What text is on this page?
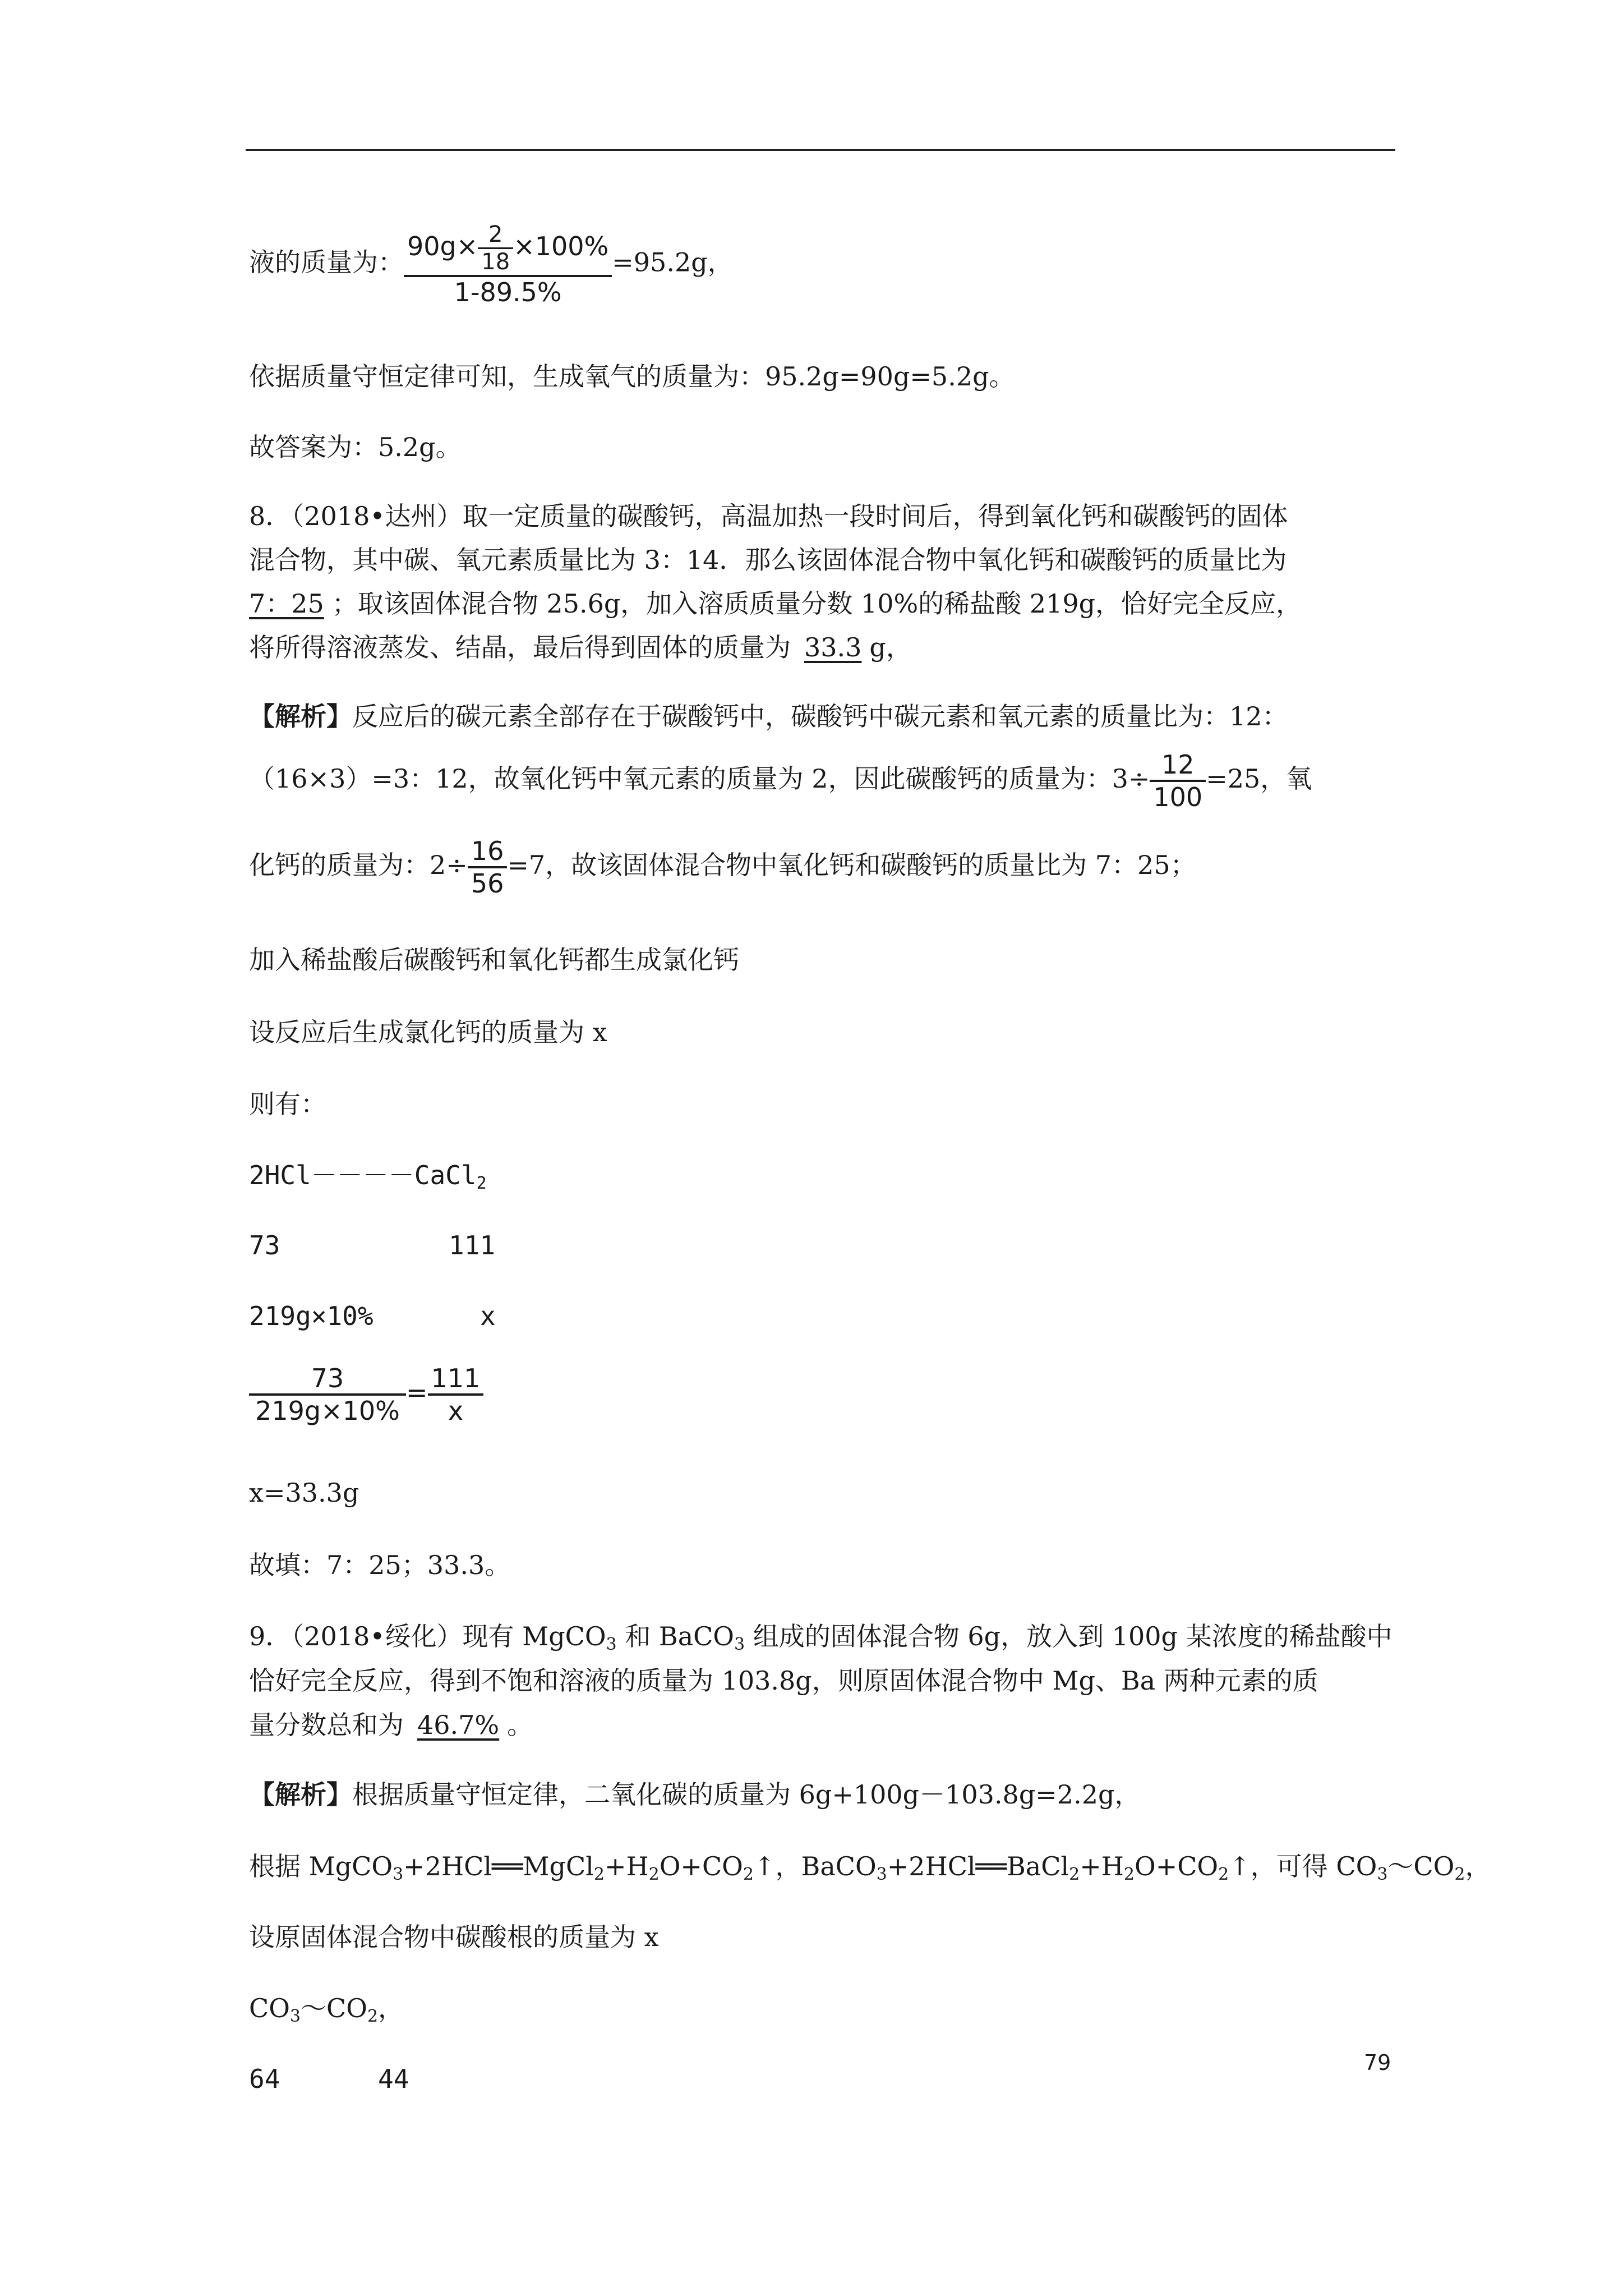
液的质量为： $\frac{90g\times \frac{2}{18} \times 100\%}{1-89.5\%} =95.2g$，
依据质量守恒定律可知，生成氧气的质量为：95.2g=90g=5.2g。
故答案为：5.2g。
8．（2018•达州）取一定质量的碳酸钙，高温加热一段时间后，得到氧化钙和碳酸钙的固体
混合物，其中碳、氧元素质量比为 3：14．那么该固体混合物中氧化钙和碳酸钙的质量比为
7：25 ；取该固体混合物 25.6g，加入溶质质量分数 10%的稀盐酸 219g，恰好完全反应，
将所得溶液蒸发、结晶，最后得到固体的质量为 33.3 g，
【解析】反应后的碳元素全部存在于碳酸钙中，碳酸钙中碳元素和氧元素的质量比为：12：
（16×3）=3：12，故氧化钙中氧元素的质量为 2，因此碳酸钙的质量为：$3\div \frac{12}{100} =25$，氧
化钙的质量为：$2\div \frac{16}{56} =7$，故该固体混合物中氧化钙和碳酸钙的质量比为 7：25；
加入稀盐酸后碳酸钙和氧化钙都生成氯化钙
设反应后生成氯化钙的质量为 x
则有：
2HCl－－－－CaCl$_2$
73	111
219g×10%	x
$\frac{73}{219g\times 10\%} = \frac{111}{x}$
x=33.3g
故填：7：25；33.3。
9．（2018•绥化）现有 MgCO$_3$ 和 BaCO$_3$ 组成的固体混合物 6g，放入到 100g 某浓度的稀盐酸中
恰好完全反应，得到不饱和溶液的质量为 103.8g，则原固体混合物中 Mg、Ba 两种元素的质
量分数总和为 46.7% 。
【解析】根据质量守恒定律，二氧化碳的质量为 6g+100g－103.8g=2.2g，
根据 $MgCO_3+2HCl══MgCl_2+H_2O+CO_2↑$，$BaCO_3+2HCl══BaCl_2+H_2O+CO_2↑$，可得 $CO_3\sim CO_2$，
设原固体混合物中碳酸根的质量为 x
$CO_3\sim CO_2$，
64	44
79
